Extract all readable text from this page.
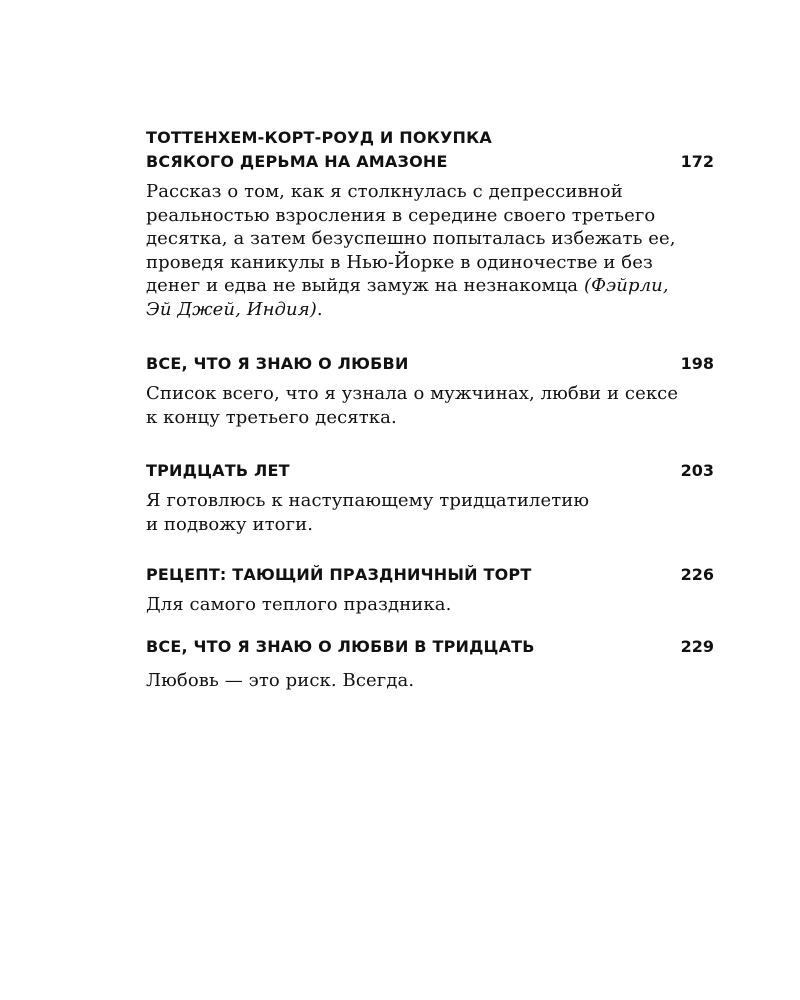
ТОТТЕНХЕМ-КОРТ-РОУД И ПОКУПКА
ВСЯКОГО ДЕРЬМА НА АМАЗОНЕ	172

Рассказ о том, как я столкнулась с депрессивной
реальностью взросления в середине своего третьего
десятка, а затем безуспешно попыталась избежать ее,
проведя каникулы в Нью-Йорке в одиночестве и без
денег и едва не выйдя замуж на незнакомца (Фэйрли,
Эй Джей, Индия).

ВСЕ, ЧТО Я ЗНАЮ О ЛЮБВИ	198

Список всего, что я узнала о мужчинах, любви и сексе
к концу третьего десятка.

ТРИДЦАТЬ ЛЕТ	203

Я готовлюсь к наступающему тридцатилетию
и подвожу итоги.

РЕЦЕПТ: ТАЮЩИЙ ПРАЗДНИЧНЫЙ ТОРТ	226

Для самого теплого праздника.

ВСЕ, ЧТО Я ЗНАЮ О ЛЮБВИ В ТРИДЦАТЬ	229

Любовь — это риск. Всегда.
